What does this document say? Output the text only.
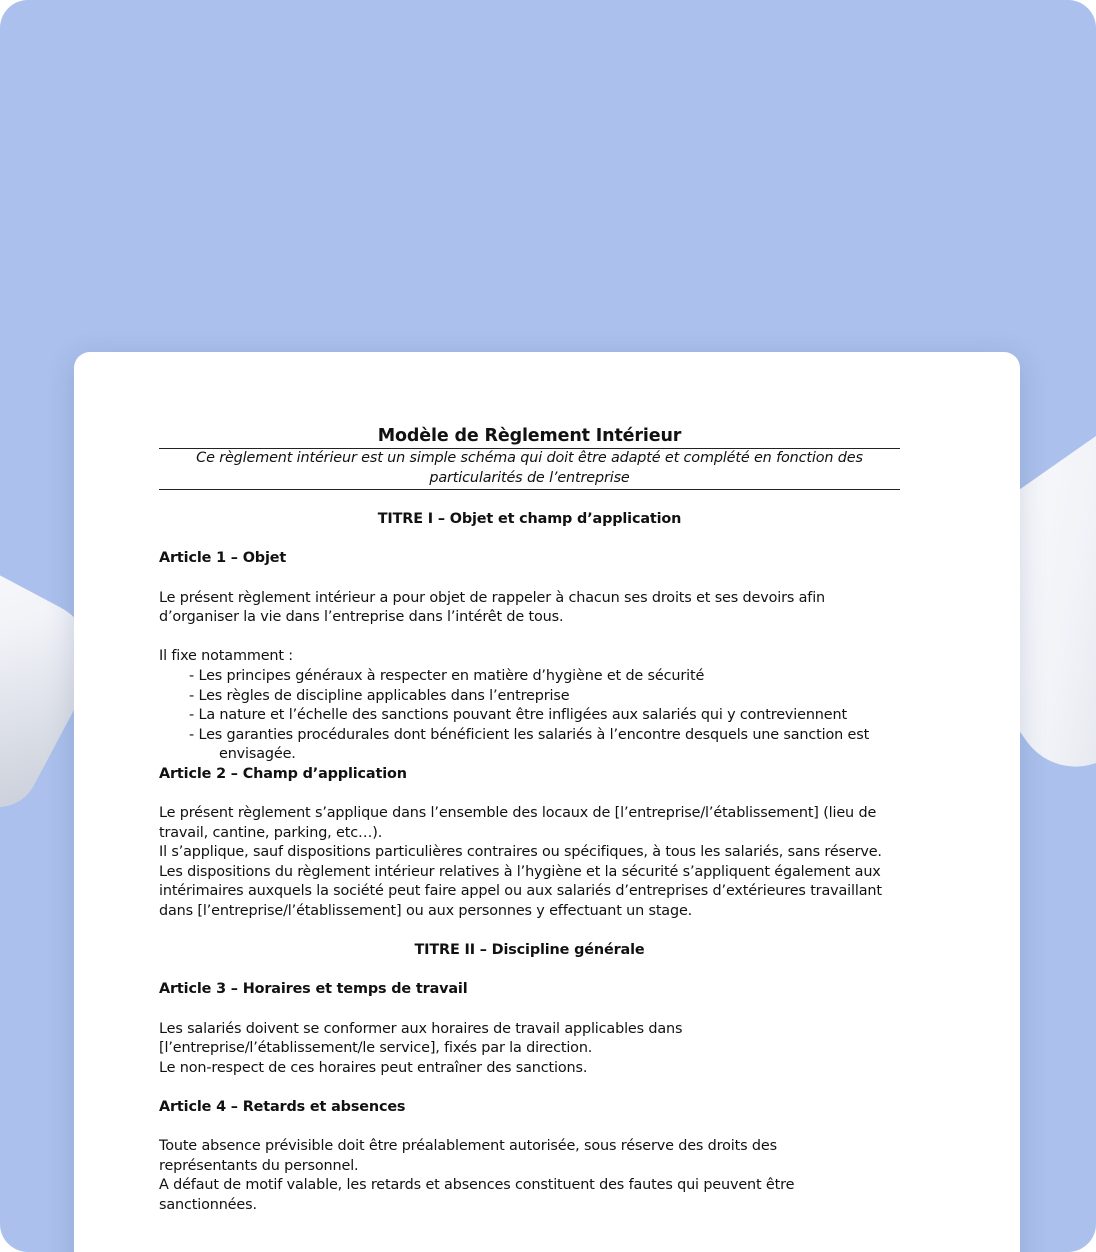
Modèle de Règlement Intérieur
Ce règlement intérieur est un simple schéma qui doit être adapté et complété en fonction des particularités de l’entreprise
TITRE I – Objet et champ d’application
Article 1 – Objet

Le présent règlement intérieur a pour objet de rappeler à chacun ses droits et ses devoirs afin d’organiser la vie dans l’entreprise dans l’intérêt de tous.

Il fixe notamment :

- Les principes généraux à respecter en matière d’hygiène et de sécurité
- Les règles de discipline applicables dans l’entreprise
- La nature et l’échelle des sanctions pouvant être infligées aux salariés qui y contreviennent
- Les garanties procédurales dont bénéficient les salariés à l’encontre desquels une sanction est envisagée.
Article 2 – Champ d’application

Le présent règlement s’applique dans l’ensemble des locaux de [l’entreprise/l’établissement] (lieu de travail, cantine, parking, etc…).

Il s’applique, sauf dispositions particulières contraires ou spécifiques, à tous les salariés, sans réserve.

Les dispositions du règlement intérieur relatives à l’hygiène et la sécurité s’appliquent également aux intérimaires auxquels la société peut faire appel ou aux salariés d’entreprises d’extérieures travaillant dans [l’entreprise/l’établissement] ou aux personnes y effectuant un stage.

TITRE II – Discipline générale
Article 3 – Horaires et temps de travail

Les salariés doivent se conformer aux horaires de travail applicables dans [l’entreprise/l’établissement/le service], fixés par la direction.

Le non-respect de ces horaires peut entraîner des sanctions.

Article 4 – Retards et absences

Toute absence prévisible doit être préalablement autorisée, sous réserve des droits des représentants du personnel.

A défaut de motif valable, les retards et absences constituent des fautes qui peuvent être sanctionnées.
